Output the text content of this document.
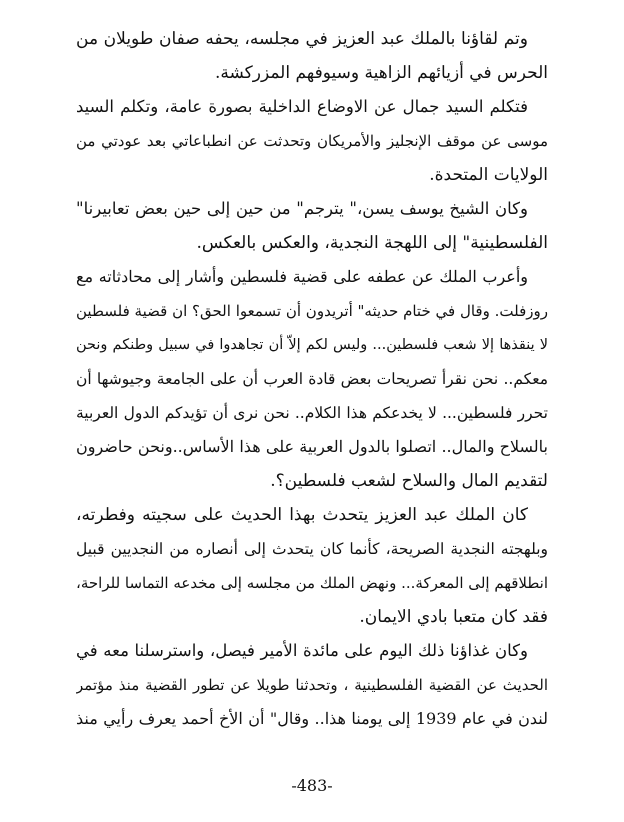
وتم لقاؤنا بالملك عبد العزيز في مجلسه، يحفه صفان طويلان من
الحرس في أزيائهم الزاهية وسيوفهم المزركشة.
فتكلم السيد جمال عن الاوضاع الداخلية بصورة عامة، وتكلم السيد
موسى عن موقف الإنجليز والأمريكان وتحدثت عن انطباعاتي بعد عودتي من
الولايات المتحدة.
وكان الشيخ يوسف يسن،" يترجم" من حين إلى حين بعض تعابيرنا"
الفلسطينية" إلى اللهجة النجدية، والعكس بالعكس.
وأعرب الملك عن عطفه على قضية فلسطين وأشار إلى محادثاته مع
روزفلت. وقال في ختام حديثه" أتريدون أن تسمعوا الحق؟ ان قضية فلسطين
لا ينقذها إلا شعب فلسطين... وليس لكم إلاّ أن تجاهدوا في سبيل وطنكم ونحن
معكم.. نحن نقرأ تصريحات بعض قادة العرب أن على الجامعة وجيوشها أن
تحرر فلسطين... لا يخدعكم هذا الكلام.. نحن نرى أن تؤيدكم الدول العربية
بالسلاح والمال.. اتصلوا بالدول العربية على هذا الأساس..ونحن حاضرون
لتقديم المال والسلاح لشعب فلسطين؟.
كان الملك عبد العزيز يتحدث بهذا الحديث على سجيته وفطرته،
وبلهجته النجدية الصريحة، كأنما كان يتحدث إلى أنصاره من النجديين قبيل
انطلاقهم إلى المعركة... ونهض الملك من مجلسه إلى مخدعه التماسا للراحة،
فقد كان متعبا بادي الايمان.
وكان غذاؤنا ذلك اليوم على مائدة الأمير فيصل، واسترسلنا معه في
الحديث عن القضية الفلسطينية ، وتحدثنا طويلا عن تطور القضية منذ مؤتمر
لندن في عام 1939 إلى يومنا هذا.. وقال" أن الأخ أحمد يعرف رأيي منذ
-483-
